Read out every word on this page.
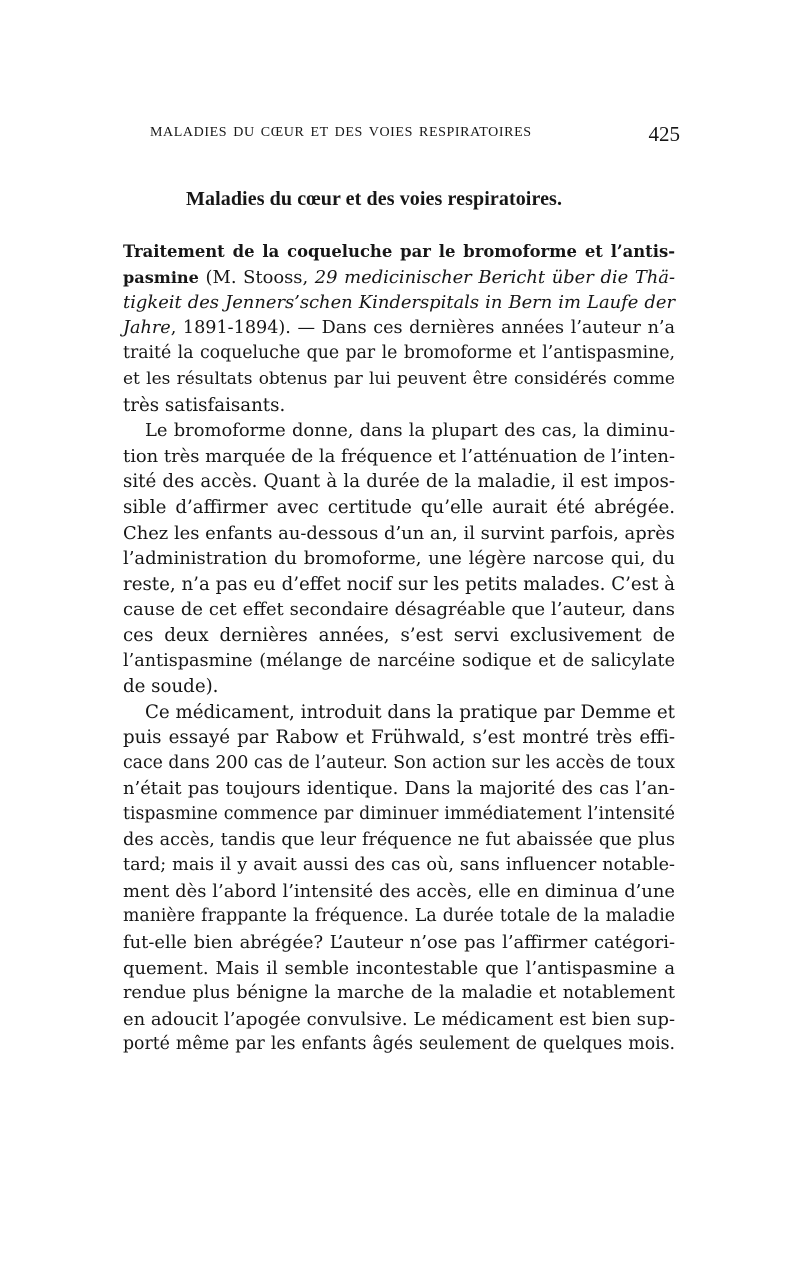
MALADIES DU CŒUR ET DES VOIES RESPIRATOIRES	425
Maladies du cœur et des voies respiratoires.
Traitement de la coqueluche par le bromoforme et l’antis-
pasmine (M. Stooss, 29 medicinischer Bericht über die Thä-
tigkeit des Jenners’schen Kinderspitals in Bern im Laufe der
Jahre, 1891-1894). — Dans ces dernières années l’auteur n’a
traité la coqueluche que par le bromoforme et l’antispasmine,
et les résultats obtenus par lui peuvent être considérés comme
très satisfaisants.
Le bromoforme donne, dans la plupart des cas, la diminu-
tion très marquée de la fréquence et l’atténuation de l’inten-
sité des accès. Quant à la durée de la maladie, il est impos-
sible d’affirmer avec certitude qu’elle aurait été abrégée.
Chez les enfants au-dessous d’un an, il survint parfois, après
l’administration du bromoforme, une légère narcose qui, du
reste, n’a pas eu d’effet nocif sur les petits malades. C’est à
cause de cet effet secondaire désagréable que l’auteur, dans
ces deux dernières années, s’est servi exclusivement de
l’antispasmine (mélange de narcéine sodique et de salicylate
de soude).
Ce médicament, introduit dans la pratique par Demme et
puis essayé par Rabow et Frühwald, s’est montré très effi-
cace dans 200 cas de l’auteur. Son action sur les accès de toux
n’était pas toujours identique. Dans la majorité des cas l’an-
tispasmine commence par diminuer immédiatement l’intensité
des accès, tandis que leur fréquence ne fut abaissée que plus
tard; mais il y avait aussi des cas où, sans influencer notable-
ment dès l’abord l’intensité des accès, elle en diminua d’une
manière frappante la fréquence. La durée totale de la maladie
fut-elle bien abrégée? L’auteur n’ose pas l’affirmer catégori-
quement. Mais il semble incontestable que l’antispasmine a
rendue plus bénigne la marche de la maladie et notablement
en adoucit l’apogée convulsive. Le médicament est bien sup-
porté même par les enfants âgés seulement de quelques mois.
